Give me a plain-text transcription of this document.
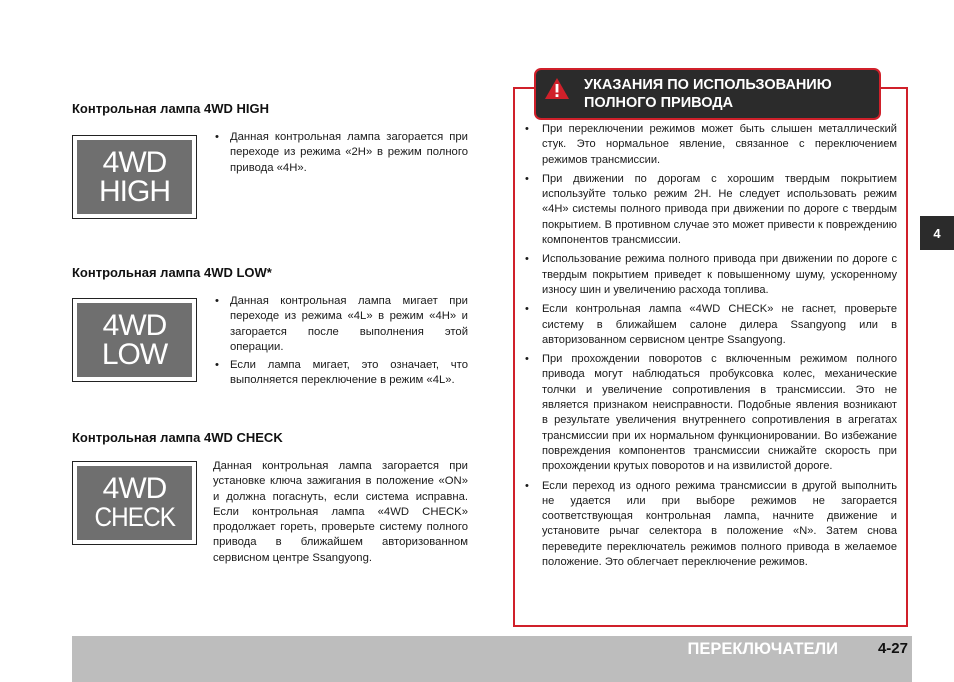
Контрольная лампа 4WD HIGH
4WD
HIGH
• Данная контрольная лампа загорается при переходе из режима «2H» в режим полного привода «4H».
Контрольная лампа 4WD LOW*
4WD
LOW
• Данная контрольная лампа мигает при переходе из режима «4L» в режим «4H» и загорается после выполнения этой операции.
• Если лампа мигает, это означает, что выполняется переключение в режим «4L».
Контрольная лампа 4WD CHECK
4WD
CHECK
Данная контрольная лампа загорается при установке ключа зажигания в положение «ON» и должна погаснуть, если система исправна. Если контрольная лампа «4WD CHECK» продолжает гореть, проверьте систему полного привода в ближайшем авторизованном сервисном центре Ssangyong.
УКАЗАНИЯ ПО ИСПОЛЬЗОВАНИЮ
ПОЛНОГО ПРИВОДА
• При переключении режимов может быть слышен металлический стук. Это нормальное явление, связанное с переключением режимов трансмиссии.
• При движении по дорогам с хорошим твердым покрытием используйте только режим 2H. Не следует использовать режим «4H» системы полного привода при движении по дороге с твердым покрытием. В противном случае это может привести к повреждению компонентов трансмиссии.
• Использование режима полного привода при движении по дороге с твердым покрытием приведет к повышенному шуму, ускоренному износу шин и увеличению расхода топлива.
• Если контрольная лампа «4WD CHECK» не гаснет, проверьте систему в ближайшем салоне дилера Ssangyong или в авторизованном сервисном центре Ssangyong.
• При прохождении поворотов с включенным режимом полного привода могут наблюдаться пробуксовка колес, механические толчки и увеличение сопротивления в трансмиссии. Это не является признаком неисправности. Подобные явления возникают в результате увеличения внутреннего сопротивления в агрегатах трансмиссии при их нормальном функционировании. Во избежание повреждения компонентов трансмиссии снижайте скорость при прохождении крутых поворотов и на извилистой дороге.
• Если переход из одного режима трансмиссии в другой выполнить не удается или при выборе режимов не загорается соответствующая контрольная лампа, начните движение и установите рычаг селектора в положение «N». Затем снова переведите переключатель режимов полного привода в желаемое положение. Это облегчает переключение режимов.
4
ПЕРЕКЛЮЧАТЕЛИ	4-27
